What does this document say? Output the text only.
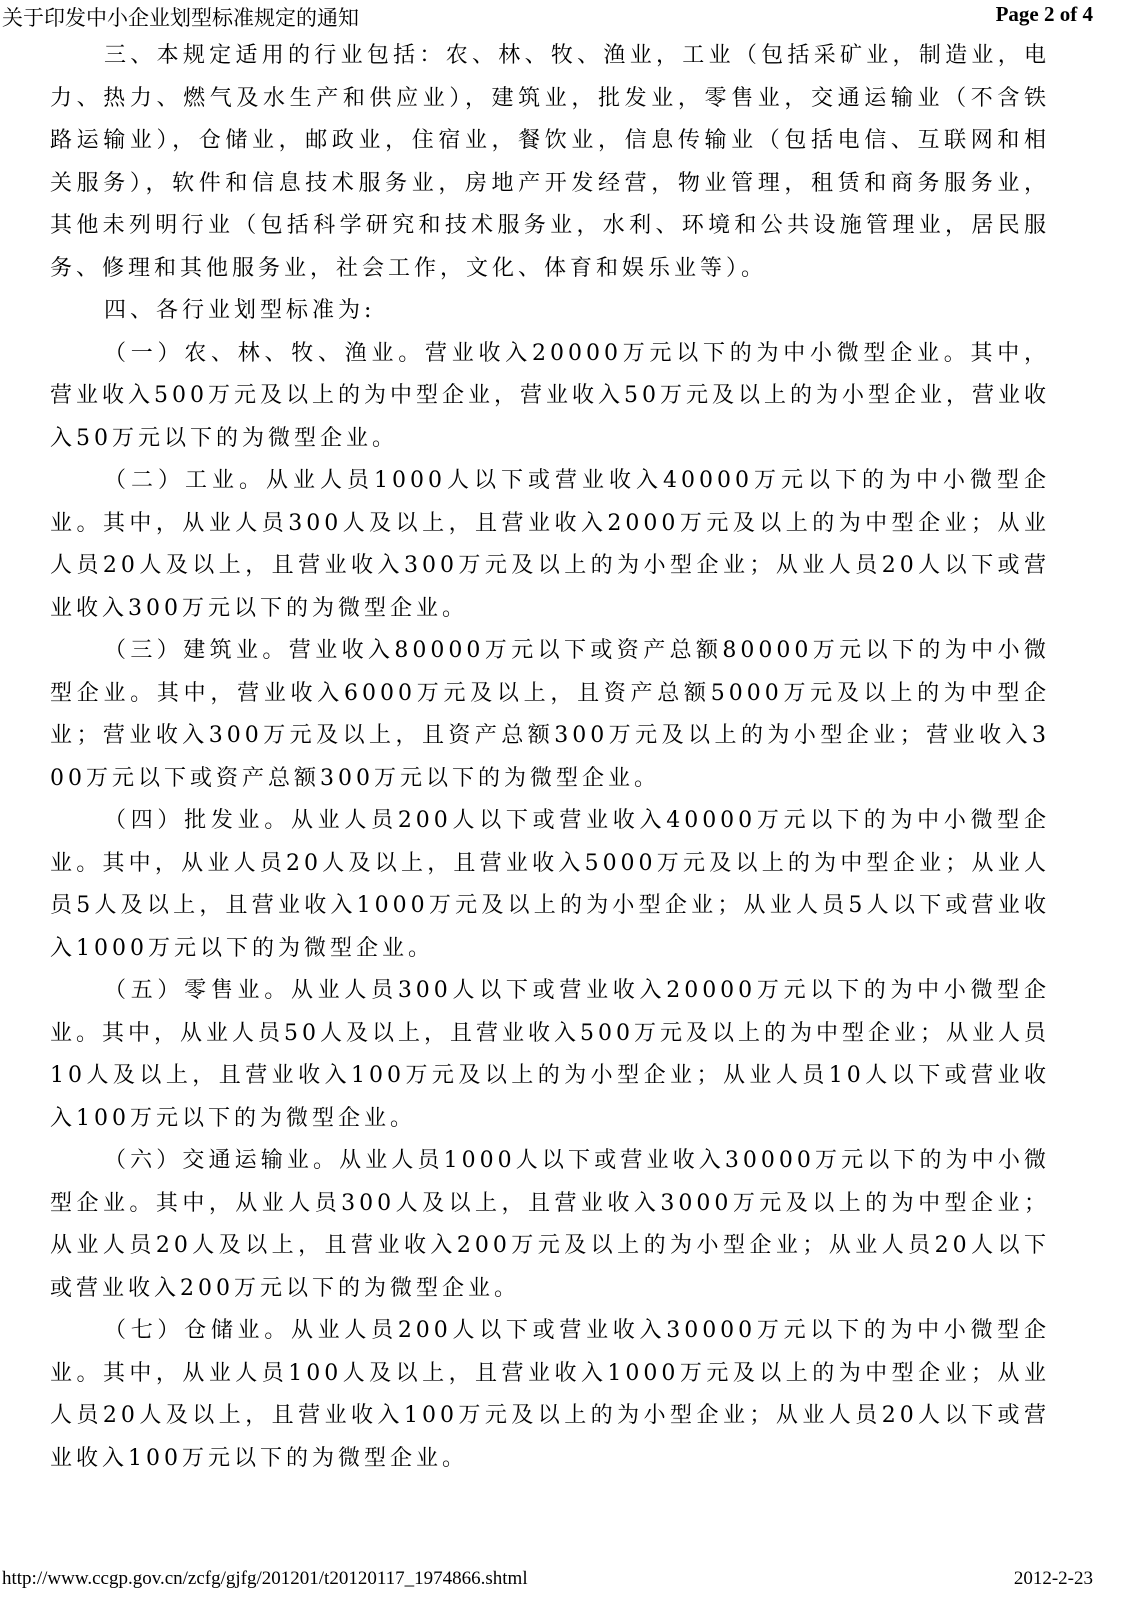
关于印发中小企业划型标准规定的通知	Page 2 of 4

三、本规定适用的行业包括：农、林、牧、渔业，工业（包括采矿业，制造业，电力、热力、燃气及水生产和供应业），建筑业，批发业，零售业，交通运输业（不含铁路运输业），仓储业，邮政业，住宿业，餐饮业，信息传输业（包括电信、互联网和相关服务），软件和信息技术服务业，房地产开发经营，物业管理，租赁和商务服务业，其他未列明行业（包括科学研究和技术服务业，水利、环境和公共设施管理业，居民服务、修理和其他服务业，社会工作，文化、体育和娱乐业等）。

四、各行业划型标准为:

（一）农、林、牧、渔业。营业收入20000万元以下的为中小微型企业。其中，营业收入500万元及以上的为中型企业，营业收入50万元及以上的为小型企业，营业收入50万元以下的为微型企业。

（二）工业。从业人员1000人以下或营业收入40000万元以下的为中小微型企业。其中，从业人员300人及以上，且营业收入2000万元及以上的为中型企业；从业人员20人及以上，且营业收入300万元及以上的为小型企业；从业人员20人以下或营业收入300万元以下的为微型企业。

（三）建筑业。营业收入80000万元以下或资产总额80000万元以下的为中小微型企业。其中，营业收入6000万元及以上，且资产总额5000万元及以上的为中型企业；营业收入300万元及以上，且资产总额300万元及以上的为小型企业；营业收入300万元以下或资产总额300万元以下的为微型企业。

（四）批发业。从业人员200人以下或营业收入40000万元以下的为中小微型企业。其中，从业人员20人及以上，且营业收入5000万元及以上的为中型企业；从业人员5人及以上，且营业收入1000万元及以上的为小型企业；从业人员5人以下或营业收入1000万元以下的为微型企业。

（五）零售业。从业人员300人以下或营业收入20000万元以下的为中小微型企业。其中，从业人员50人及以上，且营业收入500万元及以上的为中型企业；从业人员10人及以上，且营业收入100万元及以上的为小型企业；从业人员10人以下或营业收入100万元以下的为微型企业。

（六）交通运输业。从业人员1000人以下或营业收入30000万元以下的为中小微型企业。其中，从业人员300人及以上，且营业收入3000万元及以上的为中型企业；从业人员20人及以上，且营业收入200万元及以上的为小型企业；从业人员20人以下或营业收入200万元以下的为微型企业。

（七）仓储业。从业人员200人以下或营业收入30000万元以下的为中小微型企业。其中，从业人员100人及以上，且营业收入1000万元及以上的为中型企业；从业人员20人及以上，且营业收入100万元及以上的为小型企业；从业人员20人以下或营业收入100万元以下的为微型企业。

http://www.ccgp.gov.cn/zcfg/gjfg/201201/t20120117_1974866.shtml	2012-2-23
